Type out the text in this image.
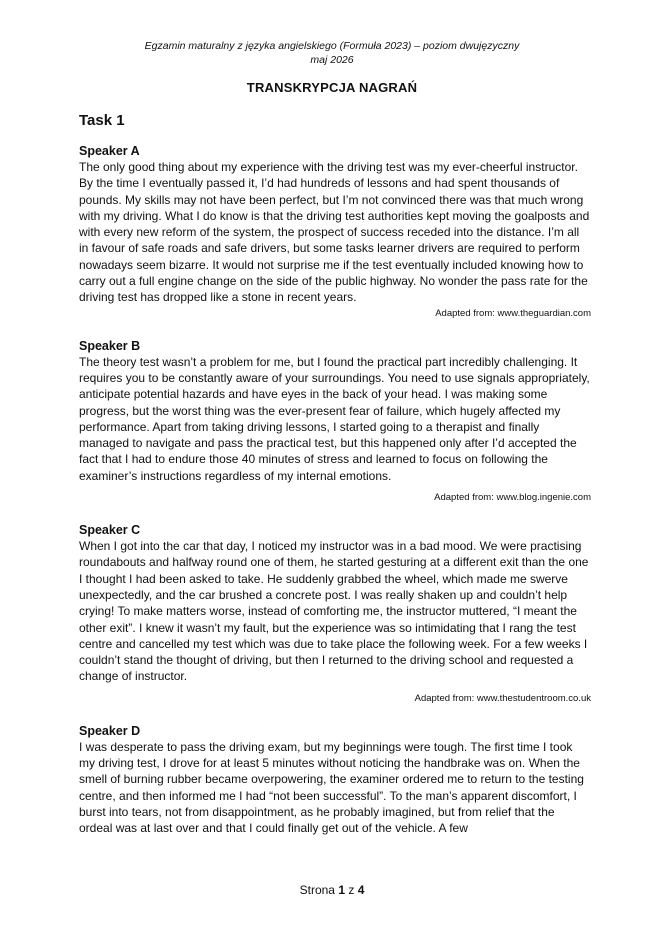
Egzamin maturalny z języka angielskiego (Formuła 2023) – poziom dwujęzyczny
maj 2026
TRANSKRYPCJA NAGRAŃ
Task 1
Speaker A
The only good thing about my experience with the driving test was my ever-cheerful instructor. By the time I eventually passed it, I’d had hundreds of lessons and had spent thousands of pounds. My skills may not have been perfect, but I’m not convinced there was that much wrong with my driving. What I do know is that the driving test authorities kept moving the goalposts and with every new reform of the system, the prospect of success receded into the distance. I’m all in favour of safe roads and safe drivers, but some tasks learner drivers are required to perform nowadays seem bizarre. It would not surprise me if the test eventually included knowing how to carry out a full engine change on the side of the public highway. No wonder the pass rate for the driving test has dropped like a stone in recent years.
Adapted from: www.theguardian.com
Speaker B
The theory test wasn’t a problem for me, but I found the practical part incredibly challenging. It requires you to be constantly aware of your surroundings. You need to use signals appropriately, anticipate potential hazards and have eyes in the back of your head. I was making some progress, but the worst thing was the ever-present fear of failure, which hugely affected my performance. Apart from taking driving lessons, I started going to a therapist and finally managed to navigate and pass the practical test, but this happened only after I’d accepted the fact that I had to endure those 40 minutes of stress and learned to focus on following the examiner’s instructions regardless of my internal emotions.
Adapted from: www.blog.ingenie.com
Speaker C
When I got into the car that day, I noticed my instructor was in a bad mood. We were practising roundabouts and halfway round one of them, he started gesturing at a different exit than the one I thought I had been asked to take. He suddenly grabbed the wheel, which made me swerve unexpectedly, and the car brushed a concrete post. I was really shaken up and couldn’t help crying! To make matters worse, instead of comforting me, the instructor muttered, “I meant the other exit”. I knew it wasn’t my fault, but the experience was so intimidating that I rang the test centre and cancelled my test which was due to take place the following week. For a few weeks I couldn’t stand the thought of driving, but then I returned to the driving school and requested a change of instructor.
Adapted from: www.thestudentroom.co.uk
Speaker D
I was desperate to pass the driving exam, but my beginnings were tough. The first time I took my driving test, I drove for at least 5 minutes without noticing the handbrake was on. When the smell of burning rubber became overpowering, the examiner ordered me to return to the testing centre, and then informed me I had “not been successful”. To the man’s apparent discomfort, I burst into tears, not from disappointment, as he probably imagined, but from relief that the ordeal was at last over and that I could finally get out of the vehicle. A few
Strona 1 z 4
